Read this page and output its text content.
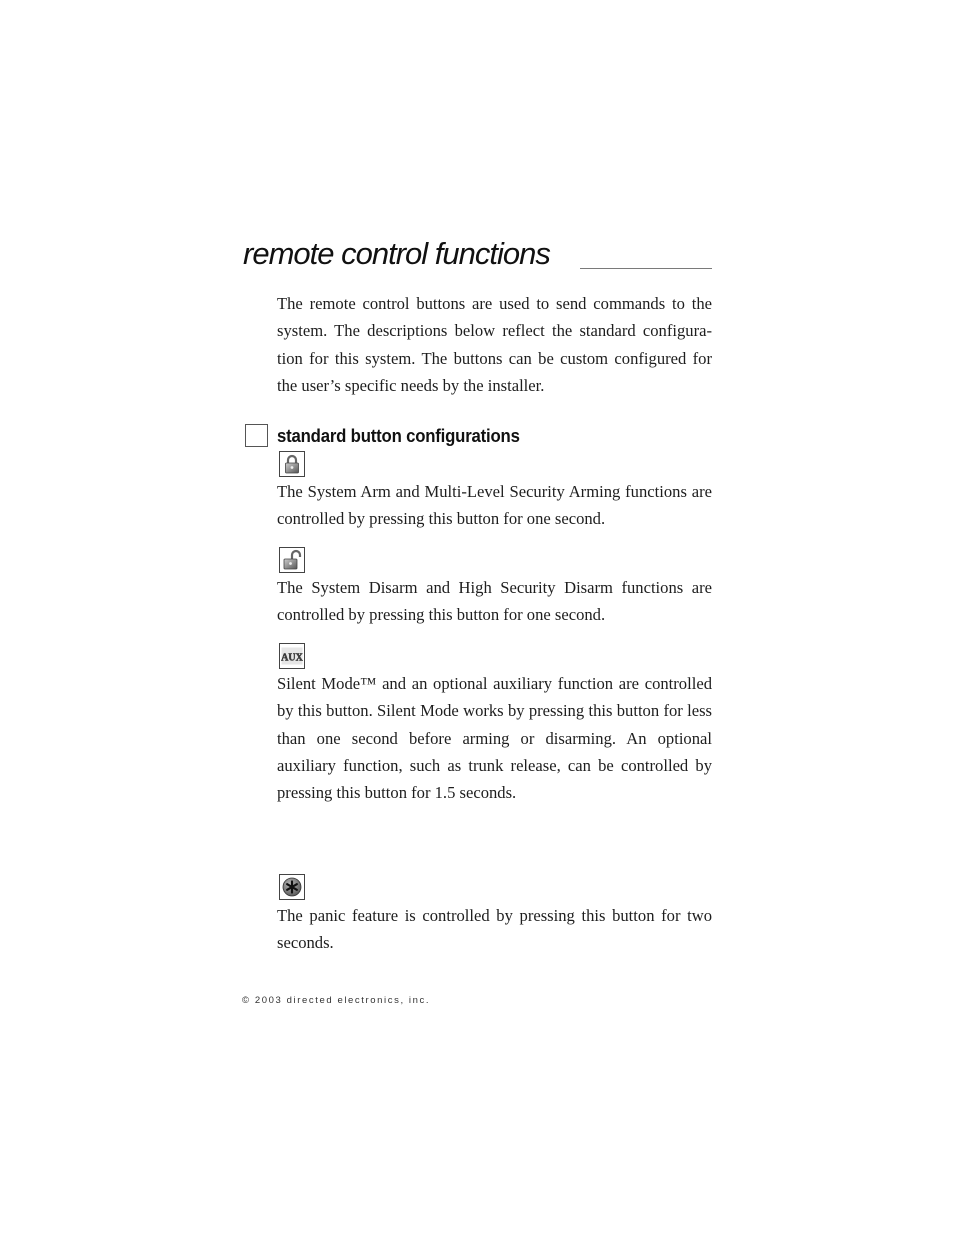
remote control functions

The remote control buttons are used to send commands to the system. The descriptions below reflect the standard configura-tion for this system. The buttons can be custom configured for the user’s specific needs by the installer.

standard button configurations

The System Arm and Multi-Level Security Arming functions are controlled by pressing this button for one second.

The System Disarm and High Security Disarm functions are controlled by pressing this button for one second.

AUX

Silent Mode™ and an optional auxiliary function are controlled by this button. Silent Mode works by pressing this button for less than one second before arming or disarming. An optional auxiliary function, such as trunk release, can be controlled by pressing this button for 1.5 seconds.

The panic feature is controlled by pressing this button for two seconds.

© 2003 directed electronics, inc.
